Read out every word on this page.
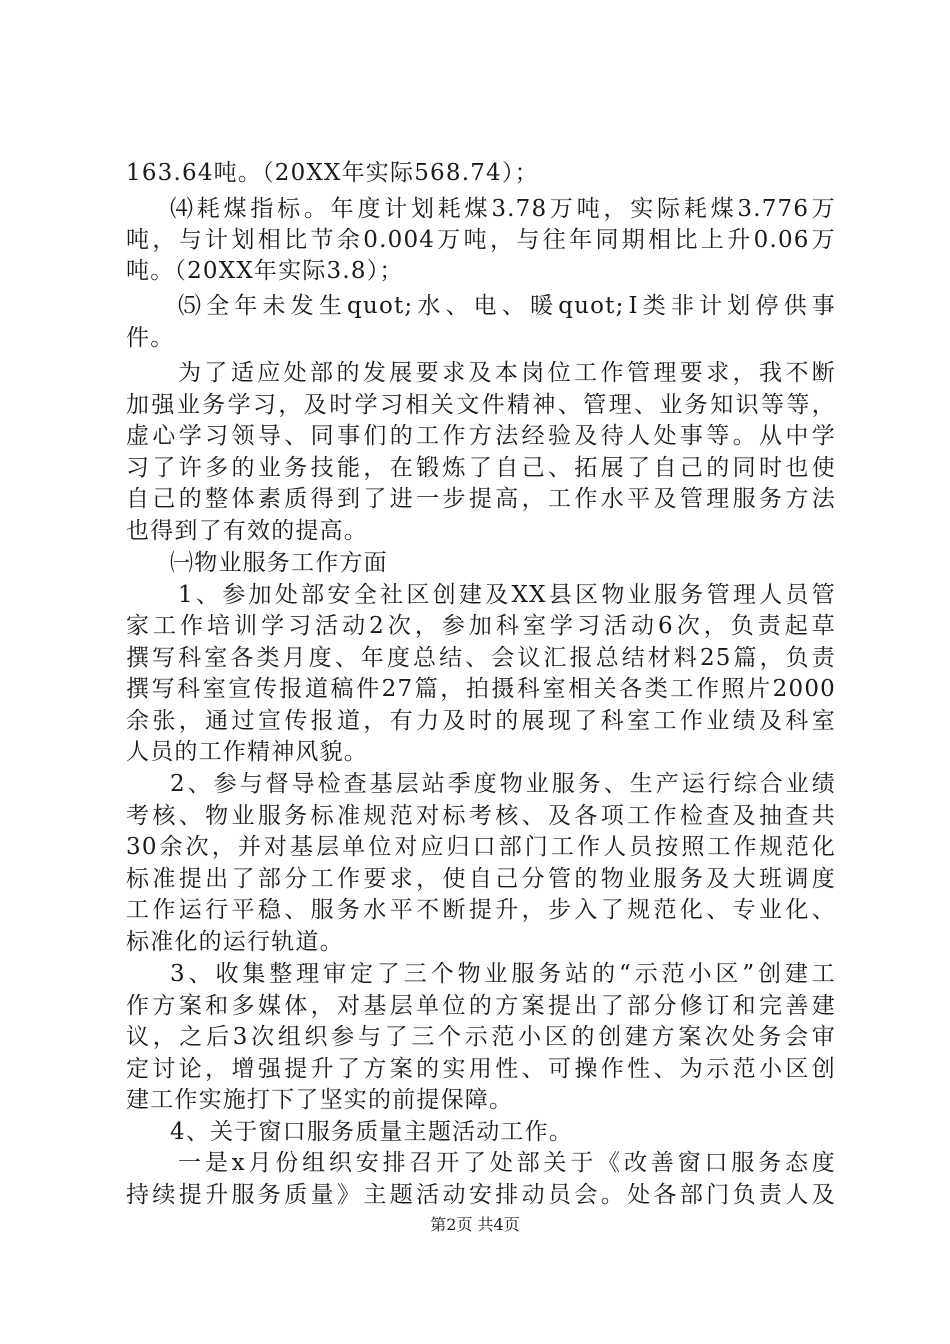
163.64吨。（20XX年实际568.74）；
⑷耗煤指标。年度计划耗煤3.78万吨，实际耗煤3.776万
吨，与计划相比节余0.004万吨，与往年同期相比上升0.06万
吨。（20XX年实际3.8）；
⑸全年未发生quot;水、电、暖quot;Ⅰ类非计划停供事
件。
为了适应处部的发展要求及本岗位工作管理要求，我不断
加强业务学习，及时学习相关文件精神、管理、业务知识等等，
虚心学习领导、同事们的工作方法经验及待人处事等。从中学
习了许多的业务技能，在锻炼了自己、拓展了自己的同时也使
自己的整体素质得到了进一步提高，工作水平及管理服务方法
也得到了有效的提高。
㈠物业服务工作方面
1、参加处部安全社区创建及XX县区物业服务管理人员管
家工作培训学习活动2次，参加科室学习活动6次，负责起草
撰写科室各类月度、年度总结、会议汇报总结材料25篇，负责
撰写科室宣传报道稿件27篇，拍摄科室相关各类工作照片2000
余张，通过宣传报道，有力及时的展现了科室工作业绩及科室
人员的工作精神风貌。
2、参与督导检查基层站季度物业服务、生产运行综合业绩
考核、物业服务标准规范对标考核、及各项工作检查及抽查共
30余次，并对基层单位对应归口部门工作人员按照工作规范化
标准提出了部分工作要求，使自己分管的物业服务及大班调度
工作运行平稳、服务水平不断提升，步入了规范化、专业化、
标准化的运行轨道。
3、收集整理审定了三个物业服务站的“示范小区”创建工
作方案和多媒体，对基层单位的方案提出了部分修订和完善建
议，之后3次组织参与了三个示范小区的创建方案次处务会审
定讨论，增强提升了方案的实用性、可操作性、为示范小区创
建工作实施打下了坚实的前提保障。
4、关于窗口服务质量主题活动工作。
一是x月份组织安排召开了处部关于《改善窗口服务态度
持续提升服务质量》主题活动安排动员会。处各部门负责人及
第2页 共4页
